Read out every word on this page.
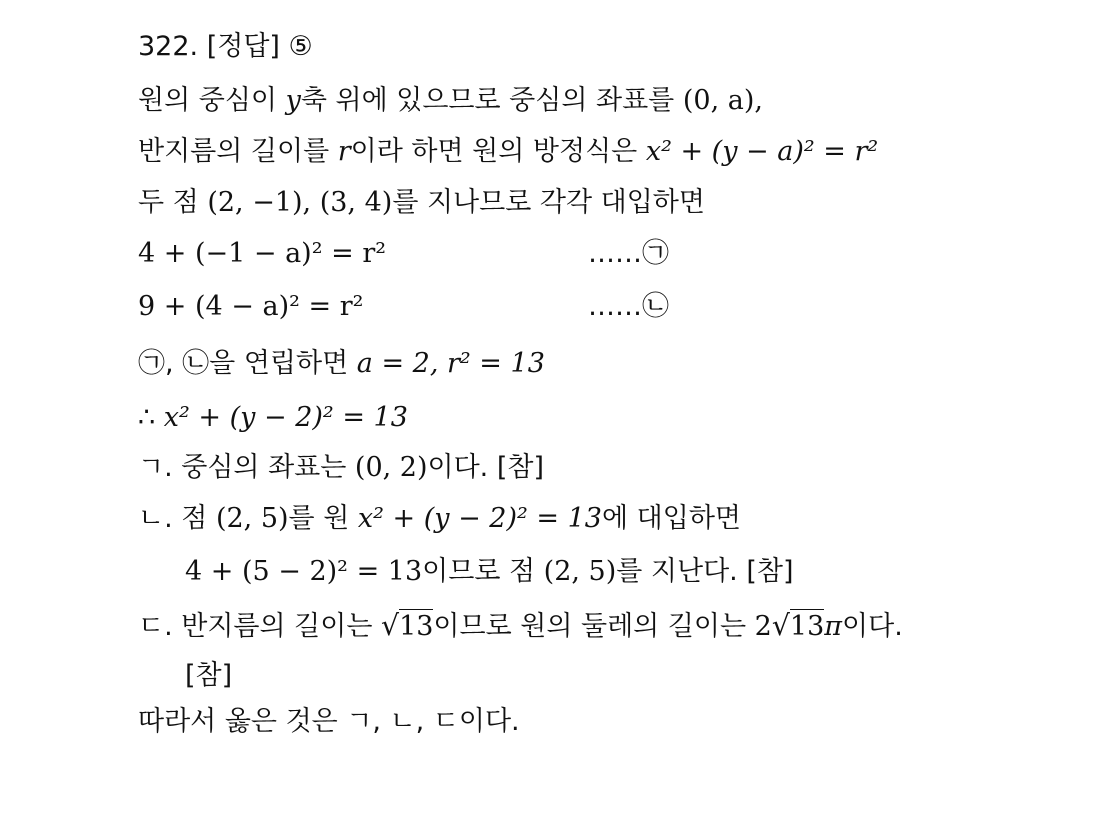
322. [정답] ⑤
원의 중심이 y축 위에 있으므로 중심의 좌표를 (0, a),
반지름의 길이를 r이라 하면 원의 방정식은 x² + (y − a)² = r²
두 점 (2, −1), (3, 4)를 지나므로 각각 대입하면
4 + (−1 − a)² = r²	……㉠
9 + (4 − a)² = r²	……㉡
㉠, ㉡을 연립하면 a = 2, r² = 13
∴ x² + (y − 2)² = 13
ㄱ. 중심의 좌표는 (0, 2)이다. [참]
ㄴ. 점 (2, 5)를 원 x² + (y − 2)² = 13에 대입하면
4 + (5 − 2)² = 13이므로 점 (2, 5)를 지난다. [참]
ㄷ. 반지름의 길이는 √13이므로 원의 둘레의 길이는 2√13π이다.
[참]
따라서 옳은 것은 ㄱ, ㄴ, ㄷ이다.
